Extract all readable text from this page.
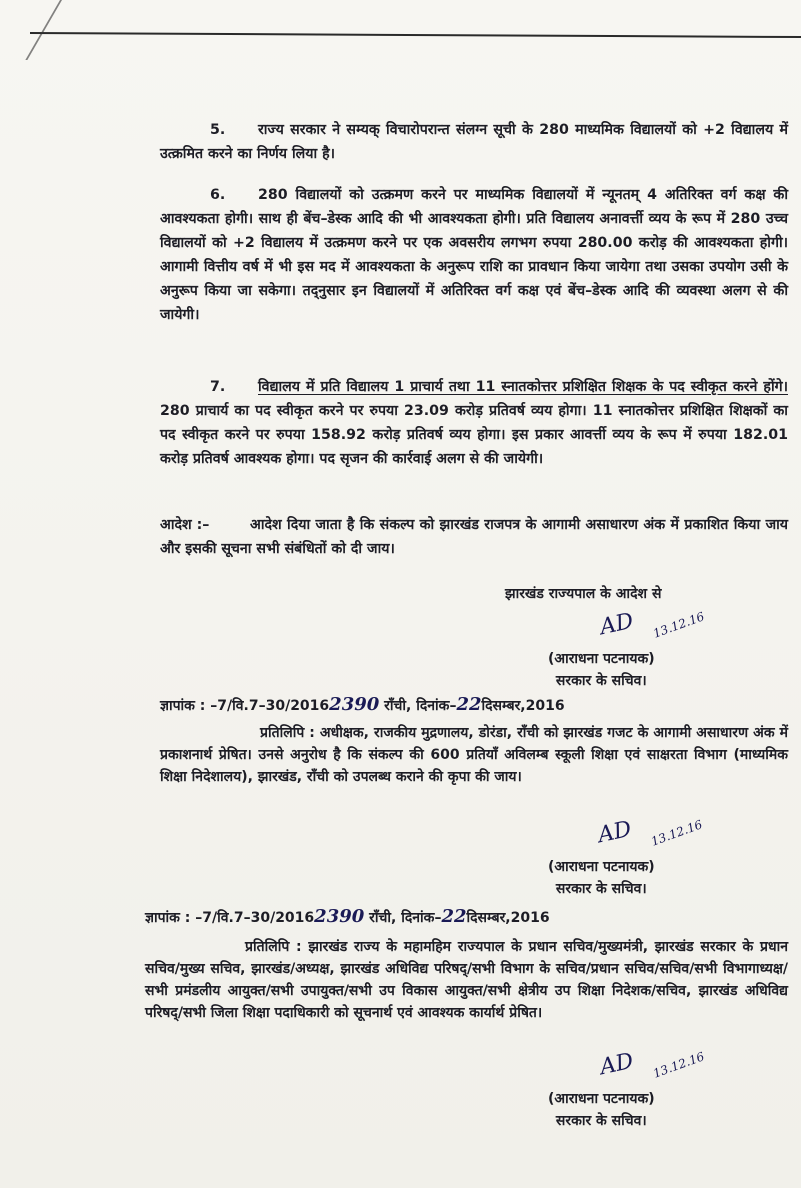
5. राज्य सरकार ने सम्यक् विचारोपरान्त संलग्न सूची के 280 माध्यमिक विद्यालयों को +2 विद्यालय में उत्क्रमित करने का निर्णय लिया है।
6. 280 विद्यालयों को उत्क्रमण करने पर माध्यमिक विद्यालयों में न्यूनतम् 4 अतिरिक्त वर्ग कक्ष की आवश्यकता होगी। साथ ही बेंच–डेस्क आदि की भी आवश्यकता होगी। प्रति विद्यालय अनावर्त्ती व्यय के रूप में 280 उच्च विद्यालयों को +2 विद्यालय में उत्क्रमण करने पर एक अवसरीय लगभग रुपया 280.00 करोड़ की आवश्यकता होगी। आगामी वित्तीय वर्ष में भी इस मद में आवश्यकता के अनुरूप राशि का प्रावधान किया जायेगा तथा उसका उपयोग उसी के अनुरूप किया जा सकेगा। तद्नुसार इन विद्यालयों में अतिरिक्त वर्ग कक्ष एवं बेंच–डेस्क आदि की व्यवस्था अलग से की जायेगी।
7. विद्यालय में प्रति विद्यालय 1 प्राचार्य तथा 11 स्नातकोत्तर प्रशिक्षित शिक्षक के पद स्वीकृत करने होंगे। 280 प्राचार्य का पद स्वीकृत करने पर रुपया 23.09 करोड़ प्रतिवर्ष व्यय होगा। 11 स्नातकोत्तर प्रशिक्षित शिक्षकों का पद स्वीकृत करने पर रुपया 158.92 करोड़ प्रतिवर्ष व्यय होगा। इस प्रकार आवर्त्ती व्यय के रूप में रुपया 182.01 करोड़ प्रतिवर्ष आवश्यक होगा। पद सृजन की कार्रवाई अलग से की जायेगी।
आदेश :–	आदेश दिया जाता है कि संकल्प को झारखंड राजपत्र के आगामी असाधारण अंक में प्रकाशित किया जाय और इसकी सूचना सभी संबंधितों को दी जाय।
झारखंड राज्यपाल के आदेश से
AD 13.12.16
(आराधना पटनायक)
सरकार के सचिव।
ज्ञापांक : –7/वि.7–30/20162390 राँची, दिनांक–22दिसम्बर,2016
प्रतिलिपि : अधीक्षक, राजकीय मुद्रणालय, डोरंडा, राँची को झारखंड गजट के आगामी असाधारण अंक में प्रकाशनार्थ प्रेषित। उनसे अनुरोध है कि संकल्प की 600 प्रतियाँ अविलम्ब स्कूली शिक्षा एवं साक्षरता विभाग (माध्यमिक शिक्षा निदेशालय), झारखंड, राँची को उपलब्ध कराने की कृपा की जाय।
AD 13.12.16
(आराधना पटनायक)
सरकार के सचिव।
ज्ञापांक : –7/वि.7–30/20162390 राँची, दिनांक–22दिसम्बर,2016
प्रतिलिपि : झारखंड राज्य के महामहिम राज्यपाल के प्रधान सचिव/मुख्यमंत्री, झारखंड सरकार के प्रधान सचिव/मुख्य सचिव, झारखंड/अध्यक्ष, झारखंड अधिविद्य परिषद्/सभी विभाग के सचिव/प्रधान सचिव/सचिव/सभी विभागाध्यक्ष/सभी प्रमंडलीय आयुक्त/सभी उपायुक्त/सभी उप विकास आयुक्त/सभी क्षेत्रीय उप शिक्षा निदेशक/सचिव, झारखंड अधिविद्य परिषद्/सभी जिला शिक्षा पदाधिकारी को सूचनार्थ एवं आवश्यक कार्यार्थ प्रेषित।
AD 13.12.16
(आराधना पटनायक)
सरकार के सचिव।
